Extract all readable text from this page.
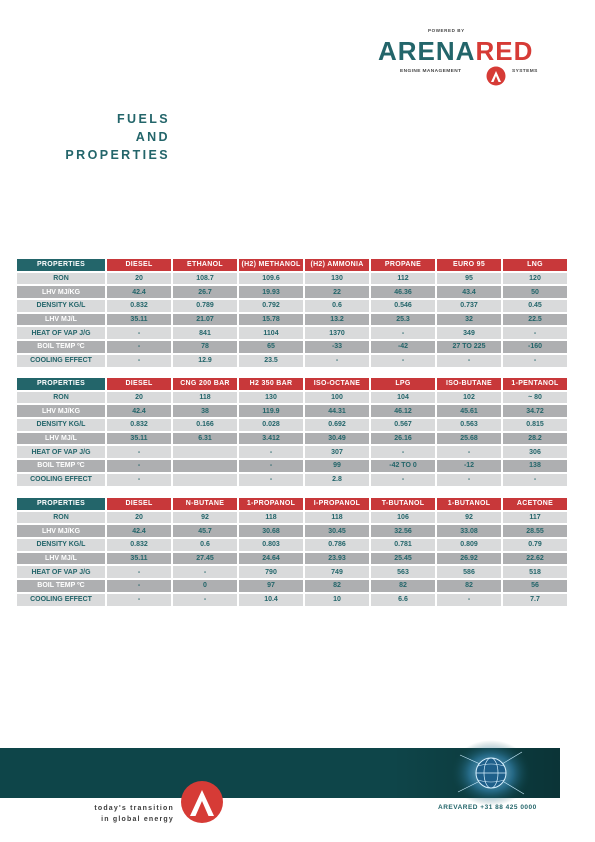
POWERED BY
ARENARED
ENGINE MANAGEMENT	SYSTEMS
FUELS
AND
PROPERTIES
PROPERTIES	DIESEL	ETHANOL	(H2) METHANOL	(H2) AMMONIA	PROPANE	EURO 95	LNG
RON	20	108.7	109.6	130	112	95	120
LHV MJ/KG	42.4	26.7	19.93	22	46.36	43.4	50
DENSITY KG/L	0.832	0.789	0.792	0.6	0.546	0.737	0.45
LHV MJ/L	35.11	21.07	15.78	13.2	25.3	32	22.5
HEAT OF VAP J/G	-	841	1104	1370	-	349	-
BOIL TEMP ºC	-	78	65	-33	-42	27 TO 225	-160
COOLING EFFECT	-	12.9	23.5	-	-	-	-
PROPERTIES	DIESEL	CNG 200 BAR	H2 350 BAR	ISO-OCTANE	LPG	ISO-BUTANE	1-PENTANOL
RON	20	118	130	100	104	102	~ 80
LHV MJ/KG	42.4	38	119.9	44.31	46.12	45.61	34.72
DENSITY KG/L	0.832	0.166	0.028	0.692	0.567	0.563	0.815
LHV MJ/L	35.11	6.31	3.412	30.49	26.16	25.68	28.2
HEAT OF VAP J/G	-		-	307	-	-	306
BOIL TEMP ºC	-		-	99	-42 TO 0	-12	138
COOLING EFFECT	-		-	2.8	-	-	-
PROPERTIES	DIESEL	N-BUTANE	1-PROPANOL	I-PROPANOL	T-BUTANOL	1-BUTANOL	ACETONE
RON	20	92	118	118	106	92	117
LHV MJ/KG	42.4	45.7	30.68	30.45	32.56	33.08	28.55
DENSITY KG/L	0.832	0.6	0.803	0.786	0.781	0.809	0.79
LHV MJ/L	35.11	27.45	24.64	23.93	25.45	26.92	22.62
HEAT OF VAP J/G	-	-	790	749	563	586	518
BOIL TEMP ºC	-	0	97	82	82	82	56
COOLING EFFECT	-	-	10.4	10	6.6	-	7.7
today's transition
in global energy
AREVARED +31 88 425 0000
